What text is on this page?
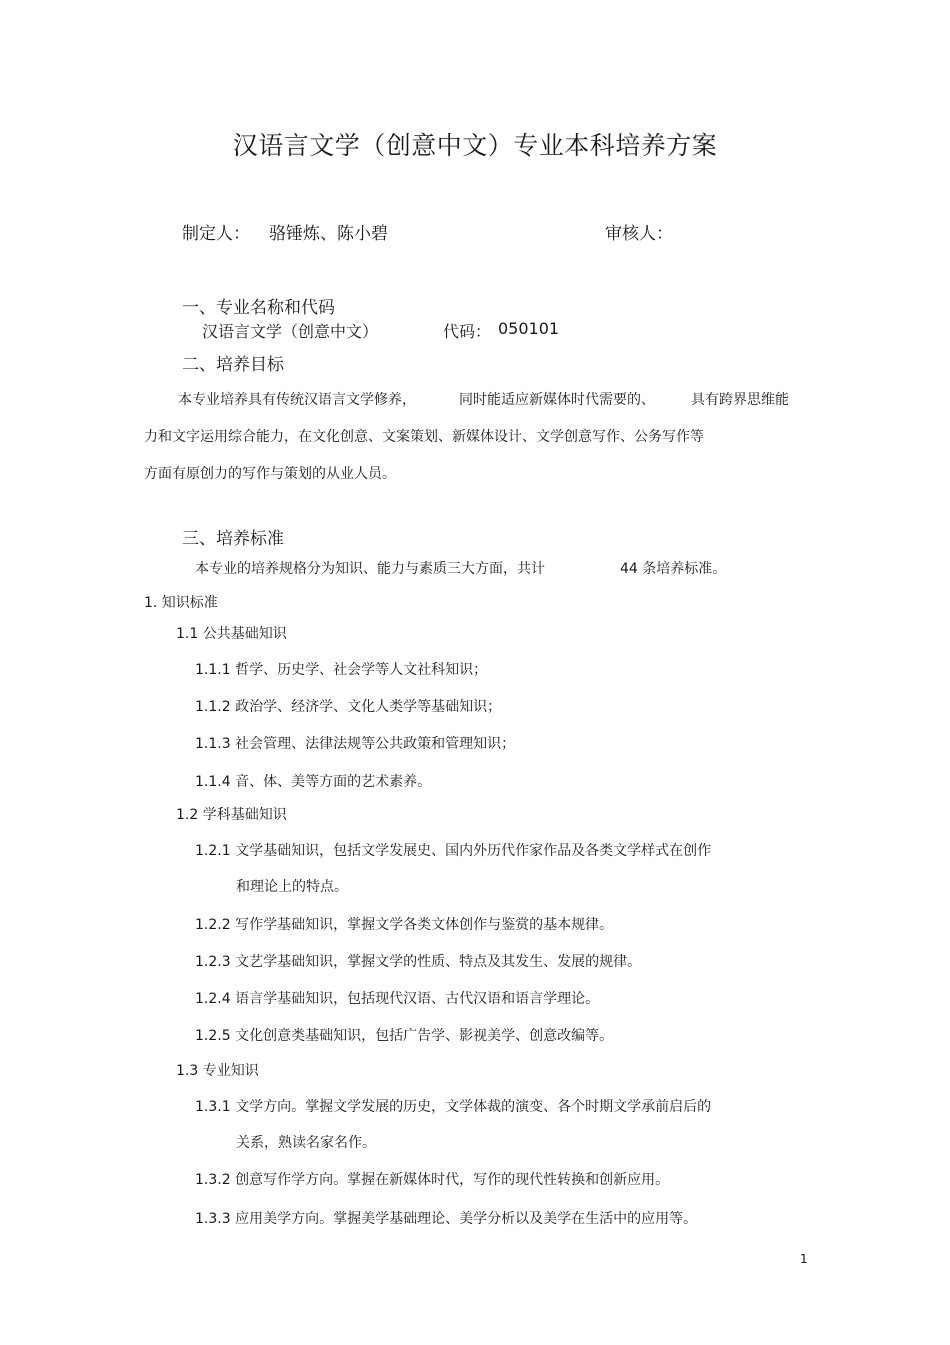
汉语言文学（创意中文）专业本科培养方案
制定人： 骆锤炼、陈小碧	审核人：
一、专业名称和代码
汉语言文学（创意中文）	代码： 050101
二、培养目标
本专业培养具有传统汉语言文学修养，	同时能适应新媒体时代需要的、	具有跨界思维能
力和文字运用综合能力，在文化创意、文案策划、新媒体设计、文学创意写作、公务写作等
方面有原创力的写作与策划的从业人员。
三、培养标准
本专业的培养规格分为知识、能力与素质三大方面，共计	44 条培养标准。
1. 知识标准
1.1 公共基础知识
1.1.1 哲学、历史学、社会学等人文社科知识；
1.1.2 政治学、经济学、文化人类学等基础知识；
1.1.3 社会管理、法律法规等公共政策和管理知识；
1.1.4 音、体、美等方面的艺术素养。
1.2 学科基础知识
1.2.1 文学基础知识，包括文学发展史、国内外历代作家作品及各类文学样式在创作
和理论上的特点。
1.2.2 写作学基础知识，掌握文学各类文体创作与鉴赏的基本规律。
1.2.3 文艺学基础知识，掌握文学的性质、特点及其发生、发展的规律。
1.2.4 语言学基础知识，包括现代汉语、古代汉语和语言学理论。
1.2.5 文化创意类基础知识，包括广告学、影视美学、创意改编等。
1.3 专业知识
1.3.1 文学方向。掌握文学发展的历史，文学体裁的演变、各个时期文学承前启后的
关系，熟读名家名作。
1.3.2 创意写作学方向。掌握在新媒体时代，写作的现代性转换和创新应用。
1.3.3 应用美学方向。掌握美学基础理论、美学分析以及美学在生活中的应用等。
1
